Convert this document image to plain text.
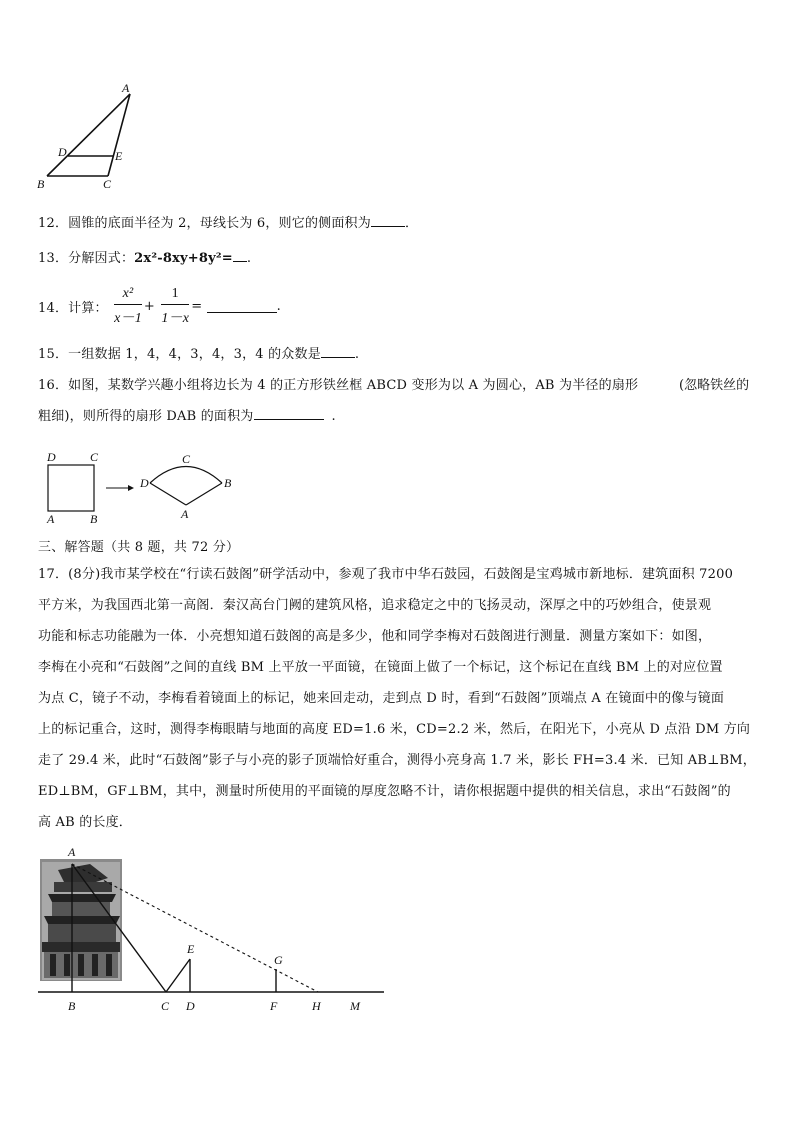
A
D	E
B	C
12．圆锥的底面半径为 2，母线长为 6，则它的侧面积为	．
13．分解因式：2x²-8xy+8y²= .
14．计算： $\frac{\text{x²}}{x-1} + \frac{1}{1-x}$ =	.
15．一组数据 1，4，4，3，4，3，4 的众数是	.
16．如图，某数学兴趣小组将边长为 4 的正方形铁丝框 ABCD 变形为以 A 为圆心，AB 为半径的扇形	(忽略铁丝的
粗细)，则所得的扇形 DAB 的面积为	.
D	C
A	B
C
D	B
A
三、解答题（共 8 题，共 72 分）
17．(8分)我市某学校在“行读石鼓阁”研学活动中，参观了我市中华石鼓园，石鼓阁是宝鸡城市新地标．建筑面积 7200
平方米，为我国西北第一高阁．秦汉高台门阙的建筑风格，追求稳定之中的飞扬灵动，深厚之中的巧妙组合，使景观
功能和标志功能融为一体．小亮想知道石鼓阁的高是多少，他和同学李梅对石鼓阁进行测量．测量方案如下：如图，
李梅在小亮和“石鼓阁”之间的直线 BM 上平放一平面镜，在镜面上做了一个标记，这个标记在直线 BM 上的对应位置
为点 C，镜子不动，李梅看着镜面上的标记，她来回走动，走到点 D 时，看到“石鼓阁”顶端点 A 在镜面中的像与镜面
上的标记重合，这时，测得李梅眼睛与地面的高度 ED=1.6 米，CD=2.2 米，然后，在阳光下，小亮从 D 点沿 DM 方向
走了 29.4 米，此时“石鼓阁”影子与小亮的影子顶端恰好重合，测得小亮身高 1.7 米，影长 FH=3.4 米．已知 AB⊥BM，
ED⊥BM，GF⊥BM，其中，测量时所使用的平面镜的厚度忽略不计，请你根据题中提供的相关信息，求出“石鼓阁”的
高 AB 的长度．
A
E
G
B	C D	F	H M
